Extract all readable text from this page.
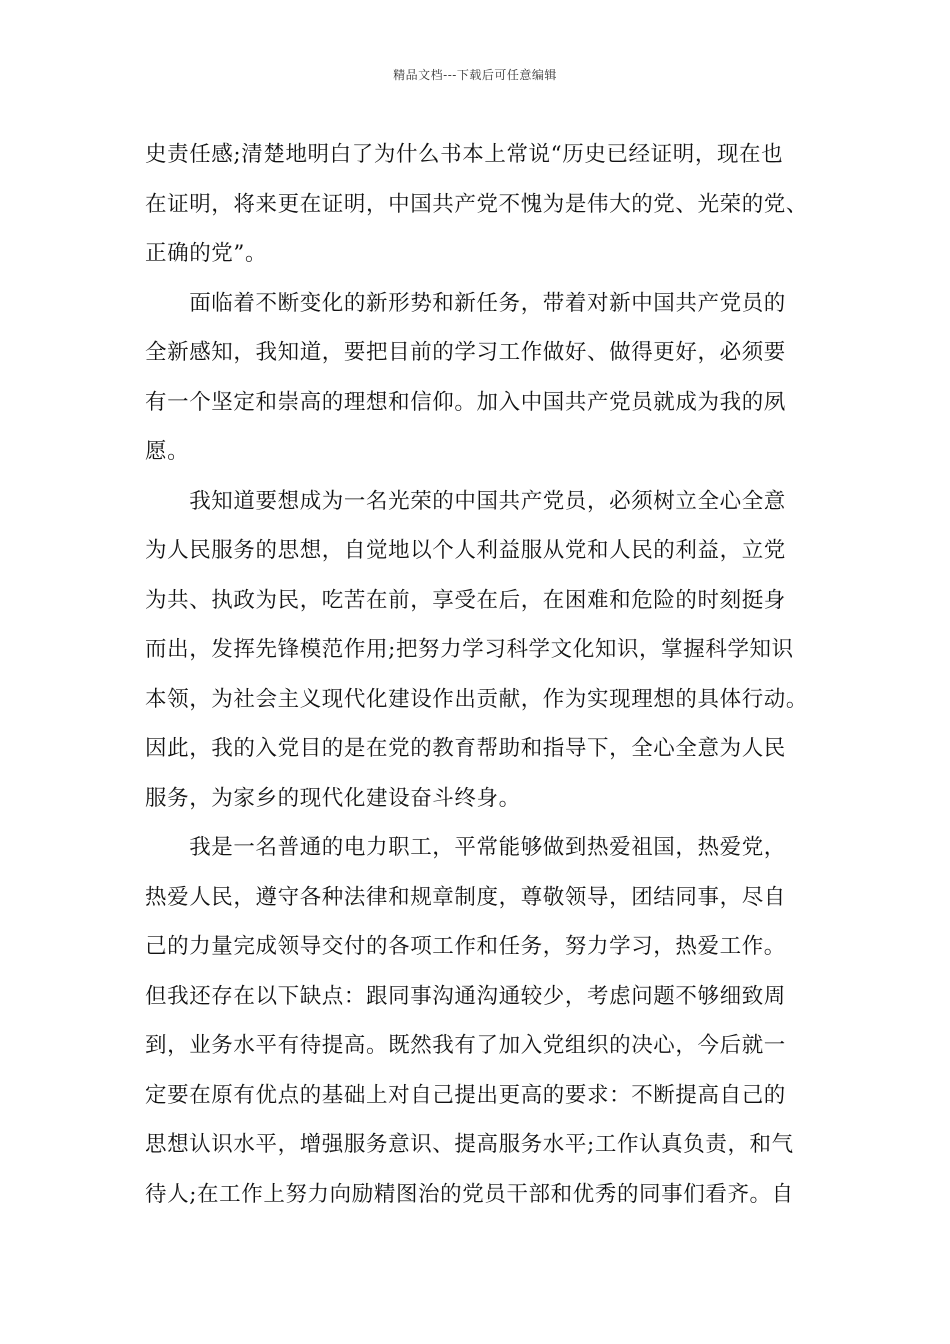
精品文档---下载后可任意编辑
史责任感;清楚地明白了为什么书本上常说“历史已经证明，现在也
在证明，将来更在证明，中国共产党不愧为是伟大的党、光荣的党、
正确的党”。
　　面临着不断变化的新形势和新任务，带着对新中国共产党员的
全新感知，我知道，要把目前的学习工作做好、做得更好，必须要
有一个坚定和崇高的理想和信仰。加入中国共产党员就成为我的夙
愿。
　　我知道要想成为一名光荣的中国共产党员，必须树立全心全意
为人民服务的思想，自觉地以个人利益服从党和人民的利益，立党
为共、执政为民，吃苦在前，享受在后，在困难和危险的时刻挺身
而出，发挥先锋模范作用;把努力学习科学文化知识，掌握科学知识
本领，为社会主义现代化建设作出贡献，作为实现理想的具体行动。
因此，我的入党目的是在党的教育帮助和指导下，全心全意为人民
服务，为家乡的现代化建设奋斗终身。
　　我是一名普通的电力职工，平常能够做到热爱祖国，热爱党，
热爱人民，遵守各种法律和规章制度，尊敬领导，团结同事，尽自
己的力量完成领导交付的各项工作和任务，努力学习，热爱工作。
但我还存在以下缺点：跟同事沟通沟通较少，考虑问题不够细致周
到，业务水平有待提高。既然我有了加入党组织的决心，今后就一
定要在原有优点的基础上对自己提出更高的要求：不断提高自己的
思想认识水平，增强服务意识、提高服务水平;工作认真负责，和气
待人;在工作上努力向励精图治的党员干部和优秀的同事们看齐。自
